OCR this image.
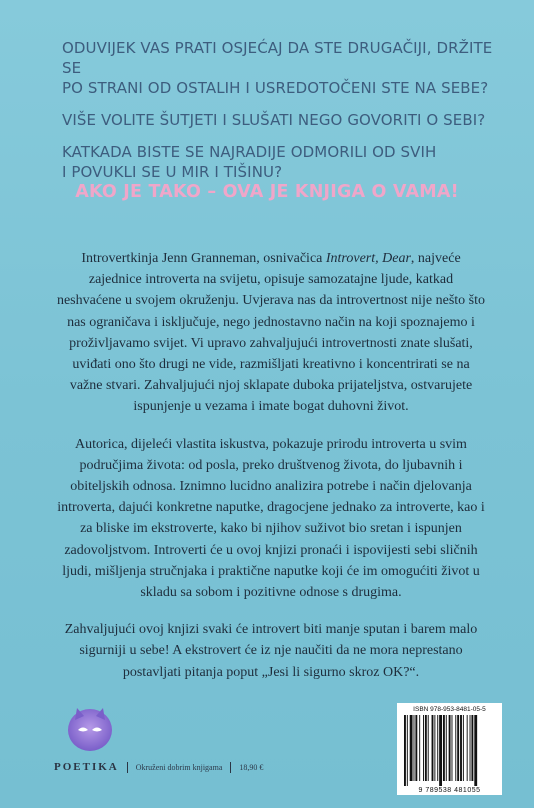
ODUVIJEK VAS PRATI OSJEĆAJ DA STE DRUGAČIJI, DRŽITE SE
PO STRANI OD OSTALIH I USREDOTOČENI STE NA SEBE?

VIŠE VOLITE ŠUTJETI I SLUŠATI NEGO GOVORITI O SEBI?

KATKADA BISTE SE NAJRADIJE ODMORILI OD SVIH
I POVUKLI SE U MIR I TIŠINU?

AKO JE TAKO – OVA JE KNJIGA O VAMA!

Introvertkinja Jenn Granneman, osnivačica Introvert, Dear, najveće zajednice introverta na svijetu, opisuje samozatajne ljude, katkad neshvaćene u svojem okruženju. Uvjerava nas da introvertnost nije nešto što nas ograničava i isključuje, nego jednostavno način na koji spoznajemo i proživljavamo svijet. Vi upravo zahvaljujući introvertnosti znate slušati, uviđati ono što drugi ne vide, razmišljati kreativno i koncentrirati se na važne stvari. Zahvaljujući njoj sklapate duboka prijateljstva, ostvarujete ispunjenje u vezama i imate bogat duhovni život.

Autorica, dijeleći vlastita iskustva, pokazuje prirodu introverta u svim područjima života: od posla, preko društvenog života, do ljubavnih i obiteljskih odnosa. Iznimno lucidno analizira potrebe i način djelovanja introverta, dajući konkretne naputke, dragocjene jednako za introverte, kao i za bliske im ekstroverte, kako bi njihov suživot bio sretan i ispunjen zadovoljstvom. Introverti će u ovoj knjizi pronaći i ispovijesti sebi sličnih ljudi, mišljenja stručnjaka i praktične naputke koji će im omogućiti život u skladu sa sobom i pozitivne odnose s drugima.

Zahvaljujući ovoj knjizi svaki će introvert biti manje sputan i barem malo sigurniji u sebe! A ekstrovert će iz nje naučiti da ne mora neprestano postavljati pitanja poput „Jesi li sigurno skroz OK?“.

POETIKA Okruženi dobrim knjigama 18,90 €
ISBN 978-953-8481-05-5
9 789538 481055
